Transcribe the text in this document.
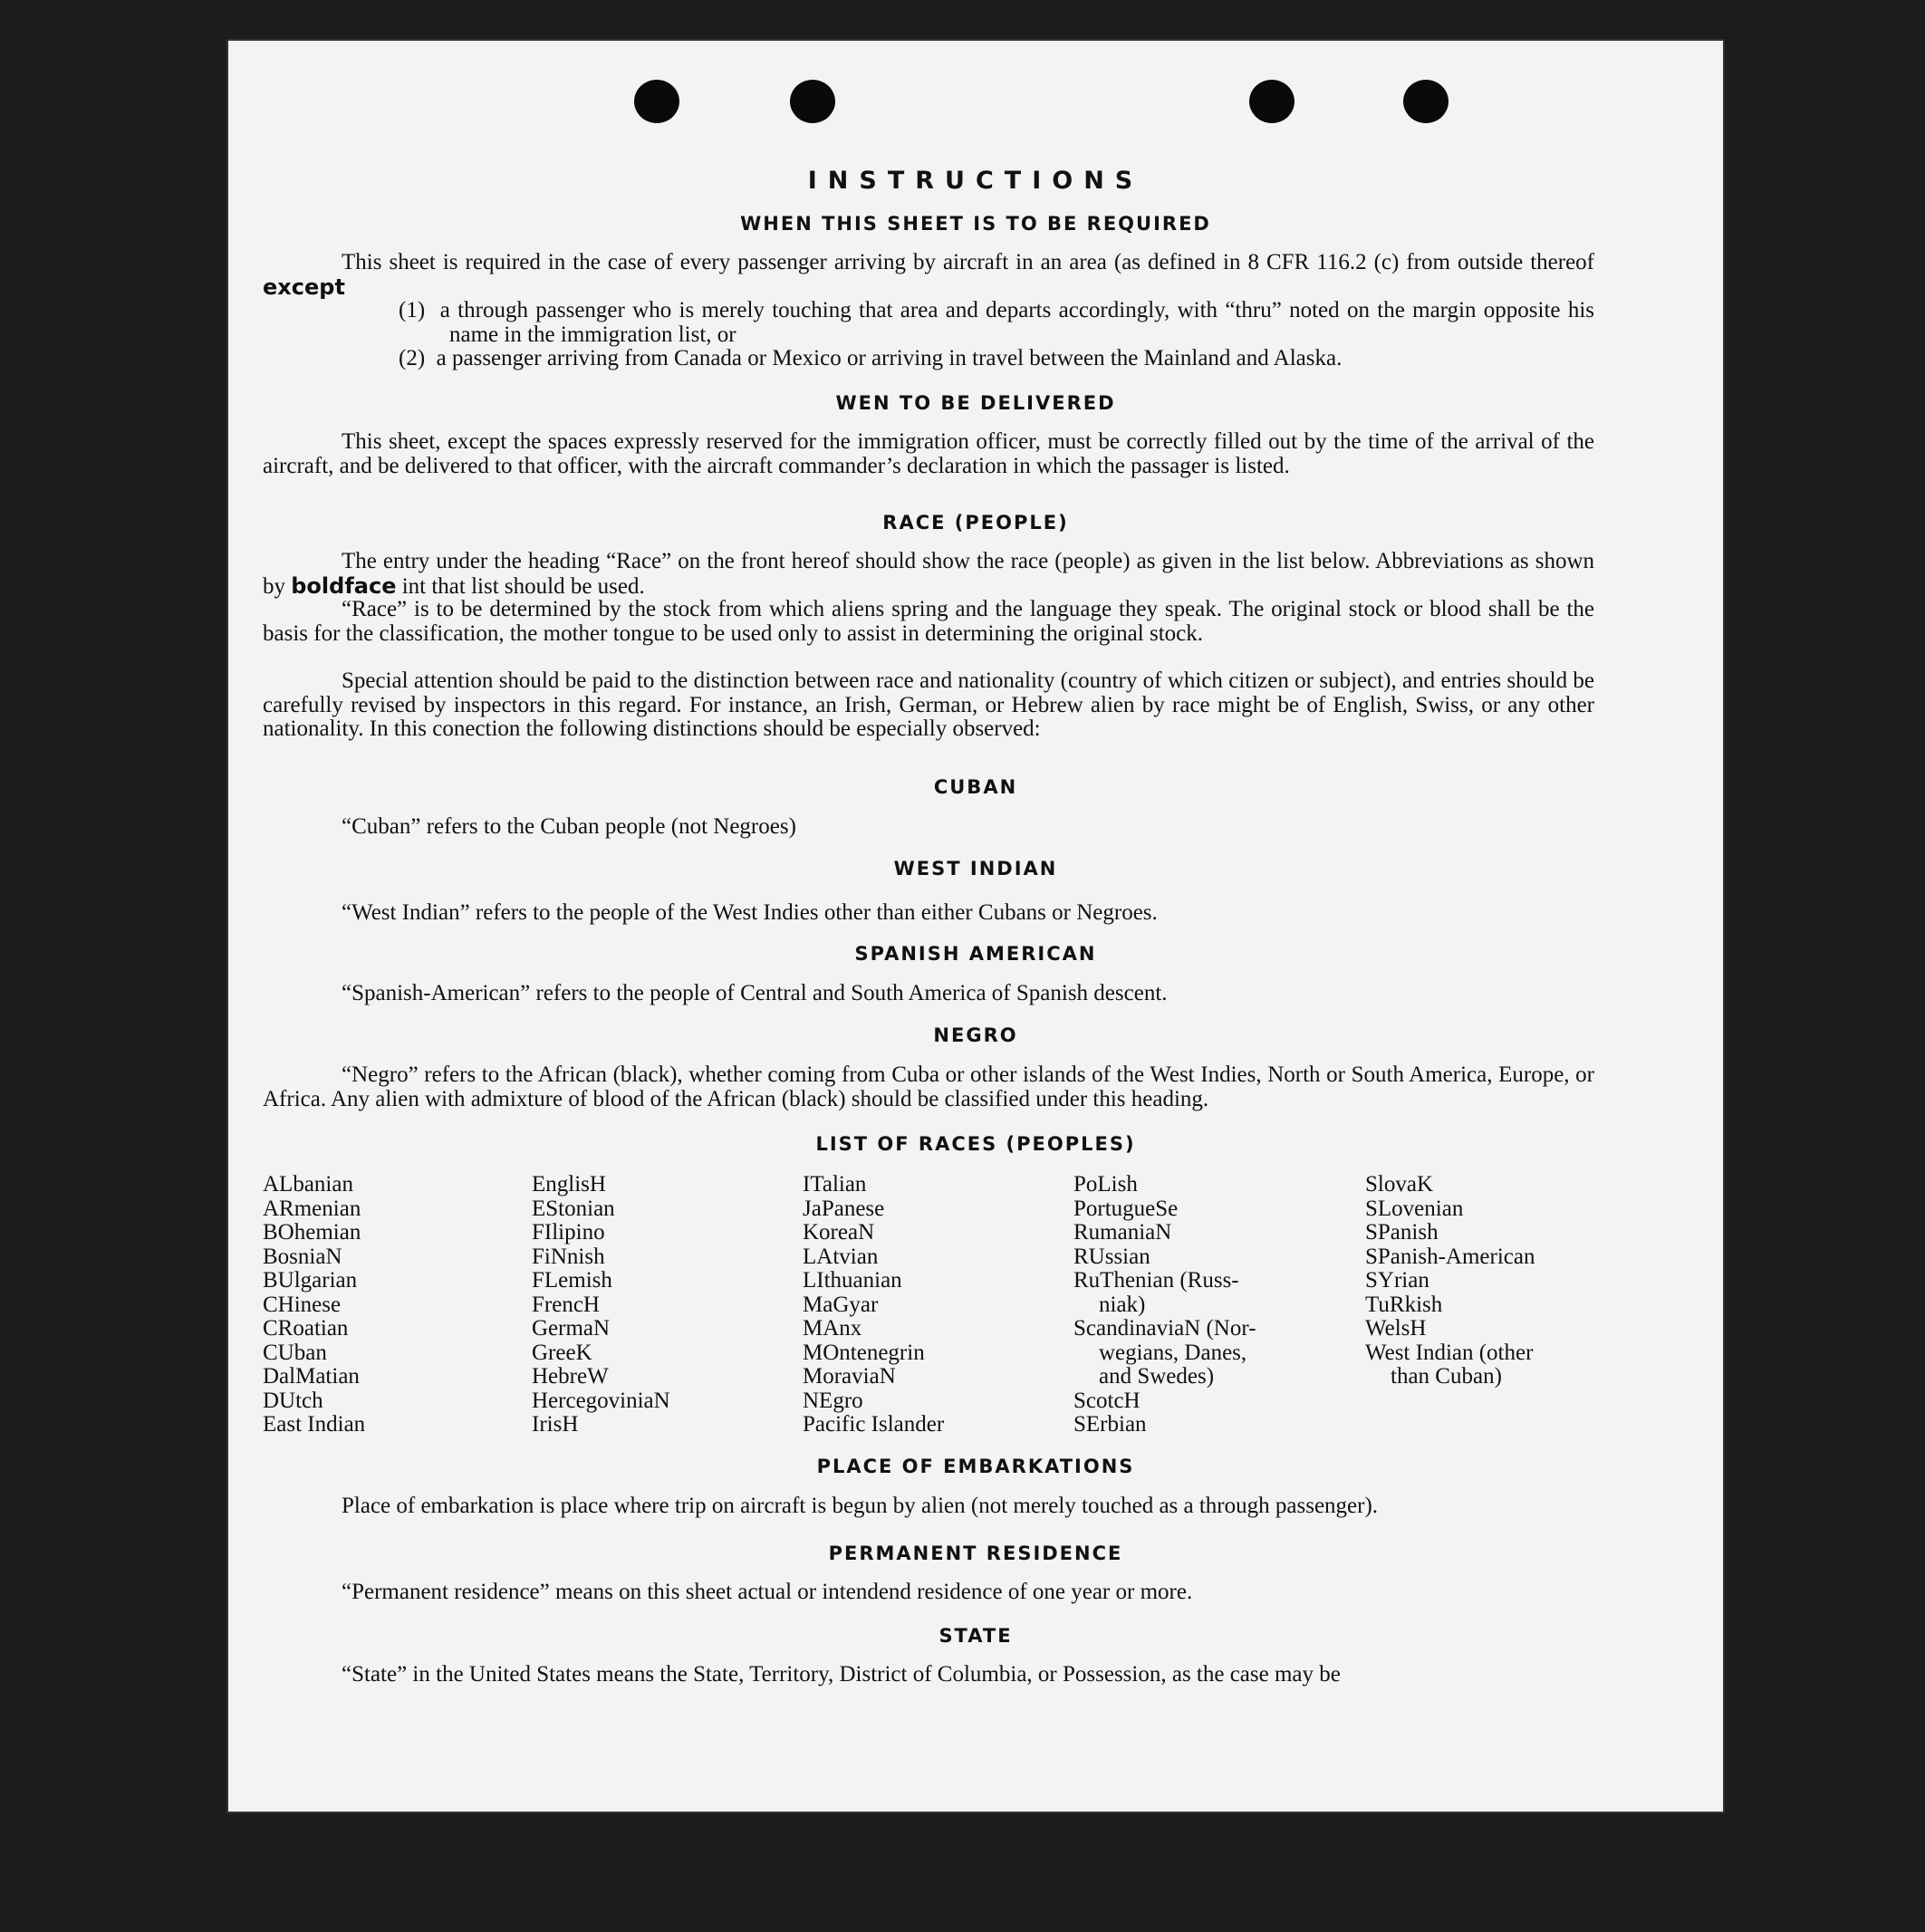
INSTRUCTIONS
WHEN THIS SHEET IS TO BE REQUIRED
This sheet is required in the case of every passenger arriving by aircraft in an area (as defined in 8 CFR 116.2 (c) from outside thereof except
(1) a through passenger who is merely touching that area and departs accordingly, with “thru” noted on the margin opposite his name in the immigration list, or
(2) a passenger arriving from Canada or Mexico or arriving in travel between the Mainland and Alaska.
WEN TO BE DELIVERED
This sheet, except the spaces expressly reserved for the immigration officer, must be correctly filled out by the time of the arrival of the aircraft, and be delivered to that officer, with the aircraft commander’s declaration in which the passager is listed.
RACE (PEOPLE)
The entry under the heading “Race” on the front hereof should show the race (people) as given in the list below. Abbreviations as shown by boldface int that list should be used.
“Race” is to be determined by the stock from which aliens spring and the language they speak. The original stock or blood shall be the basis for the classification, the mother tongue to be used only to assist in determining the original stock.
Special attention should be paid to the distinction between race and nationality (country of which citizen or subject), and entries should be carefully revised by inspectors in this regard. For instance, an Irish, German, or Hebrew alien by race might be of English, Swiss, or any other nationality. In this conection the following distinctions should be especially observed:
CUBAN
“Cuban” refers to the Cuban people (not Negroes)
WEST INDIAN
“West Indian” refers to the people of the West Indies other than either Cubans or Negroes.
SPANISH AMERICAN
“Spanish-American” refers to the people of Central and South America of Spanish descent.
NEGRO
“Negro” refers to the African (black), whether coming from Cuba or other islands of the West Indies, North or South America, Europe, or Africa. Any alien with admixture of blood of the African (black) should be classified under this heading.
LIST OF RACES (PEOPLES)
ALbanian
ARmenian
BOhemian
BosniaN
BUlgarian
CHinese
CRoatian
CUban
DalMatian
DUtch
East Indian
EnglisH
EStonian
FIlipino
FiNnish
FLemish
FrencH
GermaN
GreeK
HebreW
HercegoviniaN
IrisH
ITalian
JaPanese
KoreaN
LAtvian
LIthuanian
MaGyar
MAnx
MOntenegrin
MoraviaN
NEgro
Pacific Islander
PoLish
PortugueSe
RumaniaN
RUssian
RuThenian (Russ-
niak)
ScandinaviaN (Nor-
wegians, Danes,
and Swedes)
ScotcH
SErbian
SlovaK
SLovenian
SPanish
SPanish-American
SYrian
TuRkish
WelsH
West Indian (other
than Cuban)
PLACE OF EMBARKATIONS
Place of embarkation is place where trip on aircraft is begun by alien (not merely touched as a through passenger).
PERMANENT RESIDENCE
“Permanent residence” means on this sheet actual or intendend residence of one year or more.
STATE
“State” in the United States means the State, Territory, District of Columbia, or Possession, as the case may be
